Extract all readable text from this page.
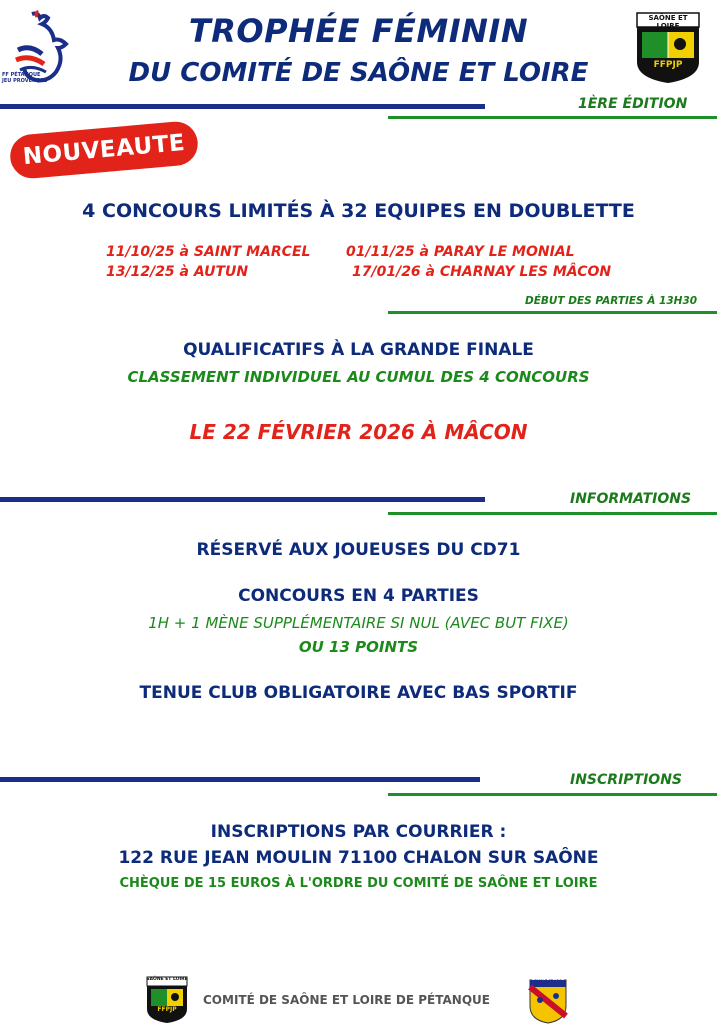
FF PÉTANQUE JEU PROVENÇAL
TROPHÉE FÉMININ
DU COMITÉ DE SAÔNE ET LOIRE
SAÔNE ET LOIRE
FFPJP
1ÈRE ÉDITION
NOUVEAUTE
4 CONCOURS LIMITÉS À 32 EQUIPES EN DOUBLETTE
11/10/25 à SAINT MARCEL	01/11/25 à PARAY LE MONIAL
13/12/25 à AUTUN	17/01/26 à CHARNAY LES MÂCON
DÉBUT DES PARTIES À 13H30
QUALIFICATIFS À LA GRANDE FINALE
CLASSEMENT INDIVIDUEL AU CUMUL DES 4 CONCOURS
LE 22 FÉVRIER 2026 À MÂCON
INFORMATIONS
RÉSERVÉ AUX JOUEUSES DU CD71
CONCOURS EN 4 PARTIES
1H + 1 MÈNE SUPPLÉMENTAIRE SI NUL (AVEC BUT FIXE)
OU 13 POINTS
TENUE CLUB OBLIGATOIRE AVEC BAS SPORTIF
INSCRIPTIONS
INSCRIPTIONS PAR COURRIER :
122 RUE JEAN MOULIN 71100 CHALON SUR SAÔNE
CHÈQUE DE 15 EUROS À L'ORDRE DU COMITÉ DE SAÔNE ET LOIRE
SAÔNE ET LOIRE
FFPJP
COMITÉ DE SAÔNE ET LOIRE DE PÉTANQUE
SAÔNE ET LOIRE
